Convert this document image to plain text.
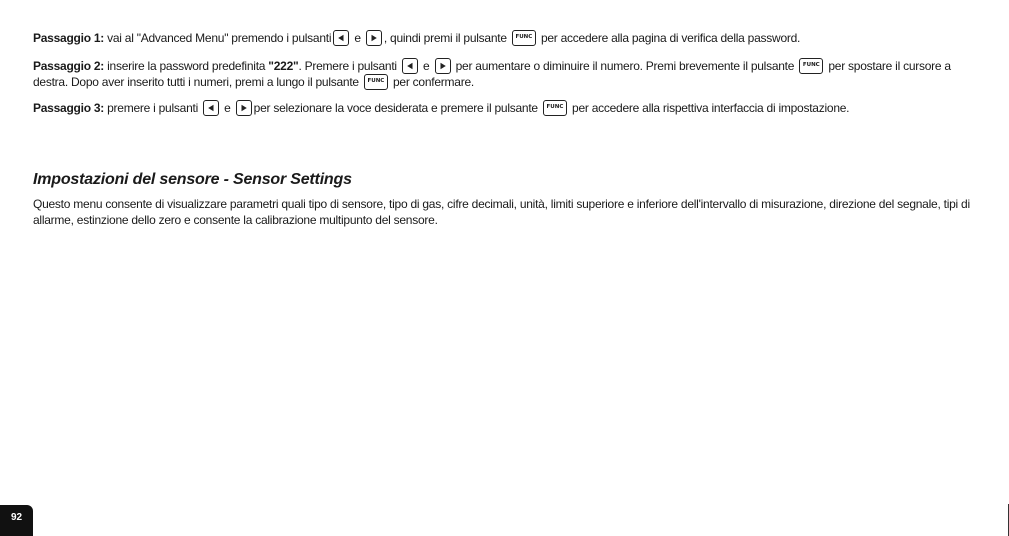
Passaggio 1: vai al "Advanced Menu" premendo i pulsanti
e
, quindi premi il pulsante	FUNC per accedere alla pagina di verifica della password.

Passaggio 2: inserire la password predefinita "222". Premere i pulsanti
e
per aumentare o diminuire il numero. Premi brevemente il pulsante	FUNC per spostare il cursore a destra. Dopo aver inserito tutti i numeri, premi a lungo il pulsante	FUNC per confermare.

Passaggio 3: premere i pulsanti
e
per selezionare la voce desiderata e premere il pulsante	FUNC per accedere alla rispettiva interfaccia di impostazione.

Impostazioni del sensore - Sensor Settings

Questo menu consente di visualizzare parametri quali tipo di sensore, tipo di gas, cifre decimali, unità, limiti superiore e inferiore dell'intervallo di misurazione, direzione del segnale, tipi di allarme, estinzione dello zero e consente la calibrazione multipunto del sensore.

92
